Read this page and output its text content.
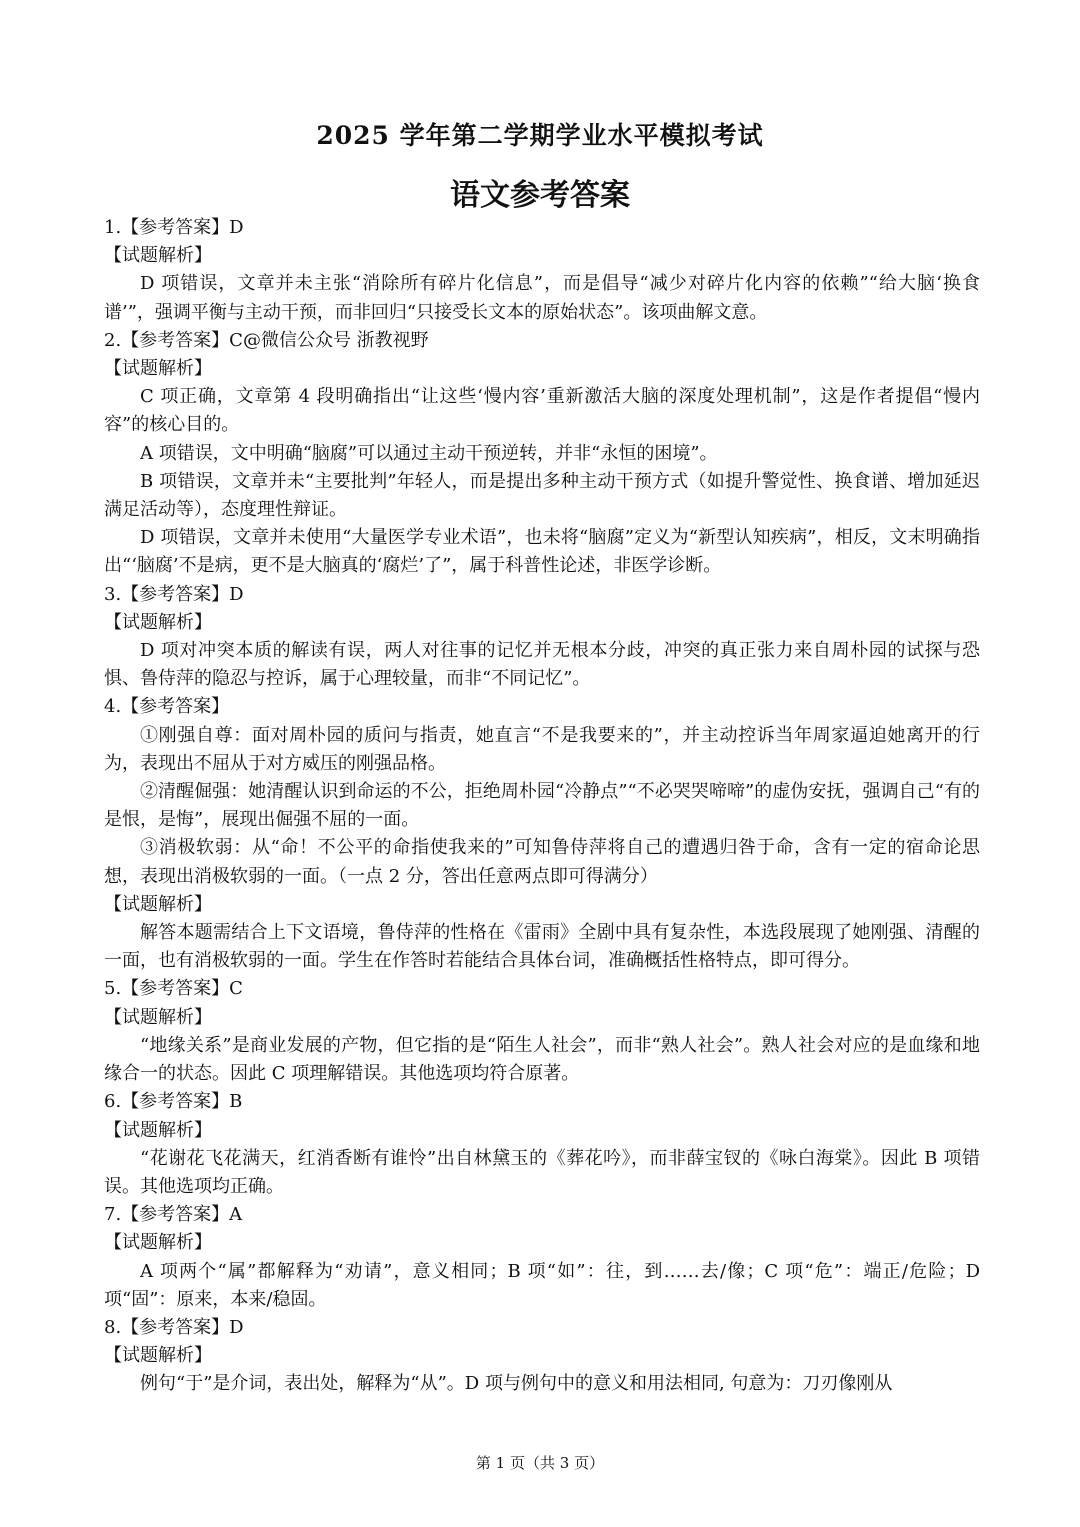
2025 学年第二学期学业水平模拟考试
语文参考答案
1.【参考答案】D
【试题解析】
D 项错误，文章并未主张“消除所有碎片化信息”，而是倡导“减少对碎片化内容的依赖”“给大脑‘换食谱’”，强调平衡与主动干预，而非回归“只接受长文本的原始状态”。该项曲解文意。
2.【参考答案】C@微信公众号 浙教视野
【试题解析】
C 项正确，文章第 4 段明确指出“让这些‘慢内容’重新激活大脑的深度处理机制”，这是作者提倡“慢内容”的核心目的。
A 项错误，文中明确“脑腐”可以通过主动干预逆转，并非“永恒的困境”。
B 项错误，文章并未“主要批判”年轻人，而是提出多种主动干预方式（如提升警觉性、换食谱、增加延迟满足活动等），态度理性辩证。
D 项错误，文章并未使用“大量医学专业术语”，也未将“脑腐”定义为“新型认知疾病”，相反，文末明确指出“‘脑腐’不是病，更不是大脑真的‘腐烂’了”，属于科普性论述，非医学诊断。
3.【参考答案】D
【试题解析】
D 项对冲突本质的解读有误，两人对往事的记忆并无根本分歧，冲突的真正张力来自周朴园的试探与恐惧、鲁侍萍的隐忍与控诉，属于心理较量，而非“不同记忆”。
4.【参考答案】
①刚强自尊：面对周朴园的质问与指责，她直言“不是我要来的”，并主动控诉当年周家逼迫她离开的行为，表现出不屈从于对方威压的刚强品格。
②清醒倔强：她清醒认识到命运的不公，拒绝周朴园“冷静点”“不必哭哭啼啼”的虚伪安抚，强调自己“有的是恨，是悔”，展现出倔强不屈的一面。
③消极软弱：从“命！不公平的命指使我来的”可知鲁侍萍将自己的遭遇归咎于命，含有一定的宿命论思想，表现出消极软弱的一面。（一点 2 分，答出任意两点即可得满分）
【试题解析】
解答本题需结合上下文语境，鲁侍萍的性格在《雷雨》全剧中具有复杂性，本选段展现了她刚强、清醒的一面，也有消极软弱的一面。学生在作答时若能结合具体台词，准确概括性格特点，即可得分。
5.【参考答案】C
【试题解析】
“地缘关系”是商业发展的产物，但它指的是“陌生人社会”，而非“熟人社会”。熟人社会对应的是血缘和地缘合一的状态。因此 C 项理解错误。其他选项均符合原著。
6.【参考答案】B
【试题解析】
“花谢花飞花满天，红消香断有谁怜”出自林黛玉的《葬花吟》，而非薛宝钗的《咏白海棠》。因此 B 项错误。其他选项均正确。
7.【参考答案】A
【试题解析】
A 项两个“属”都解释为“劝请”，意义相同；B 项“如”：往，到……去/像；C 项“危”：端正/危险；D 项“固”：原来，本来/稳固。
8.【参考答案】D
【试题解析】
例句“于”是介词，表出处，解释为“从”。D 项与例句中的意义和用法相同, 句意为：刀刃像刚从
第 1 页（共 3 页）
